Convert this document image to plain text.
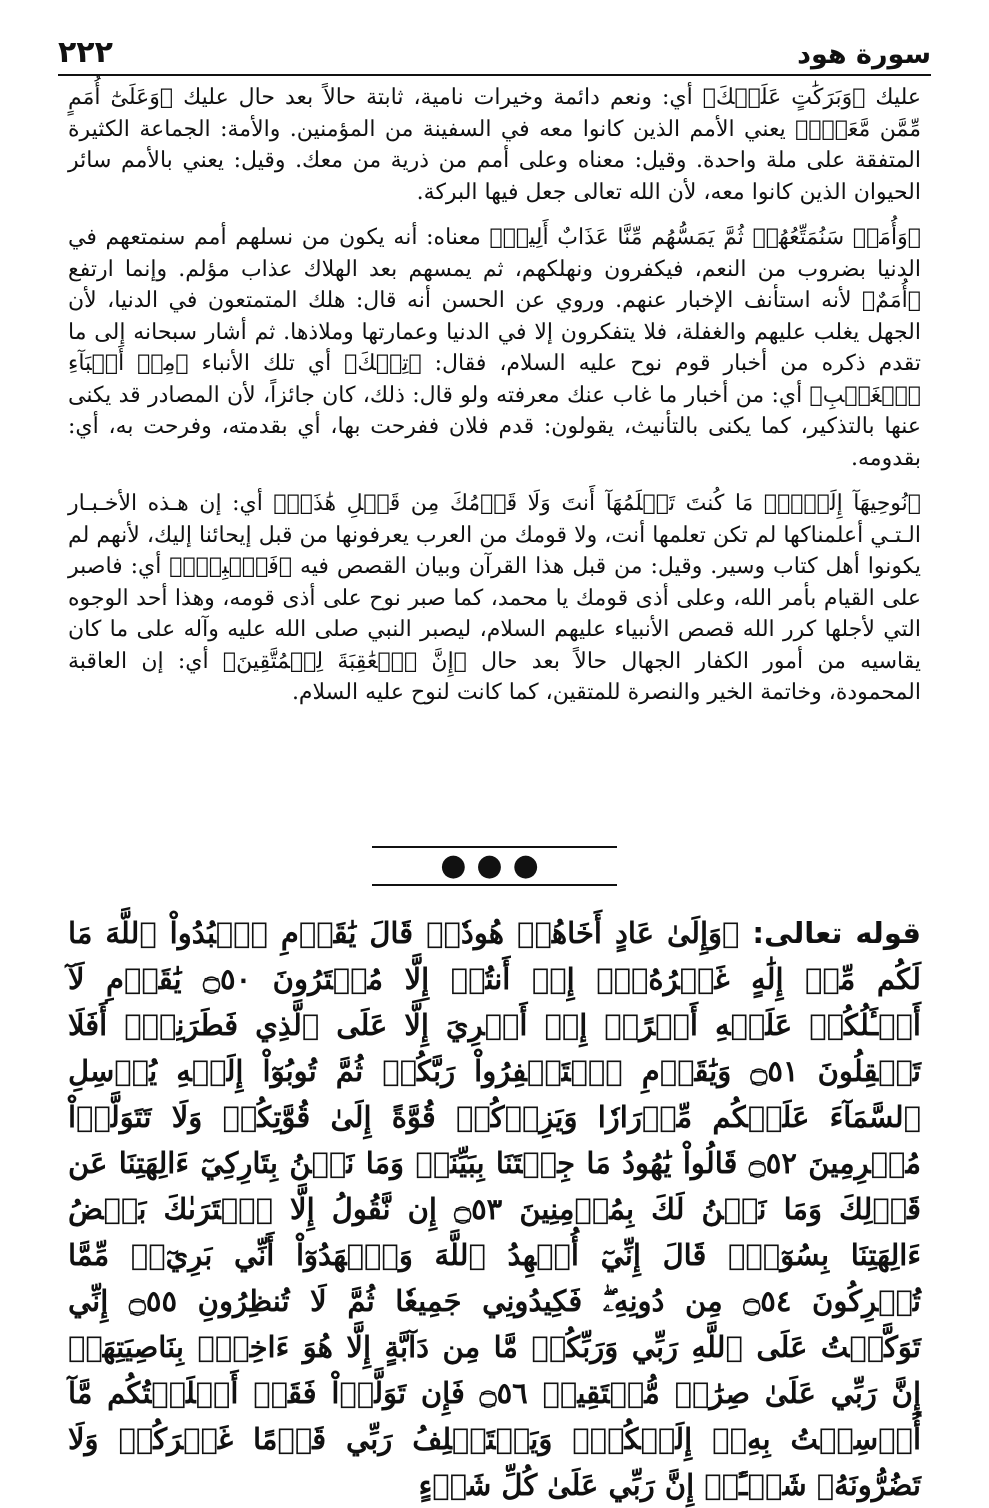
٢٢٢	سورة هود

عليك ﴿وَبَرَكَٰتٍ عَلَيۡكَ﴾ أي: ونعم دائمة وخيرات نامية، ثابتة حالاً بعد حال عليك ﴿وَعَلَىٰٓ أُمَمٍ مِّمَّن مَّعَكَۚ﴾ يعني الأمم الذين كانوا معه في السفينة من المؤمنين. والأمة: الجماعة الكثيرة المتفقة على ملة واحدة. وقيل: معناه وعلى أمم من ذرية من معك. وقيل: يعني بالأمم سائر الحيوان الذين كانوا معه، لأن الله تعالى جعل فيها البركة.

﴿وَأُمَمٞ سَنُمَتِّعُهُمۡ ثُمَّ يَمَسُّهُم مِّنَّا عَذَابٌ أَلِيمٞ﴾ معناه: أنه يكون من نسلهم أمم سنمتعهم في الدنيا بضروب من النعم، فيكفرون ونهلكهم، ثم يمسهم بعد الهلاك عذاب مؤلم. وإنما ارتفع ﴿أُمَمٌ﴾ لأنه استأنف الإخبار عنهم. وروي عن الحسن أنه قال: هلك المتمتعون في الدنيا، لأن الجهل يغلب عليهم والغفلة، فلا يتفكرون إلا في الدنيا وعمارتها وملاذها. ثم أشار سبحانه إلى ما تقدم ذكره من أخبار قوم نوح عليه السلام، فقال: ﴿تِلۡكَ﴾ أي تلك الأنباء ﴿مِنۡ أَنۢبَآءِ ٱلۡغَيۡبِ﴾ أي: من أخبار ما غاب عنك معرفته ولو قال: ذلك، كان جائزاً، لأن المصادر قد يكنى عنها بالتذكير، كما يكنى بالتأنيث، يقولون: قدم فلان ففرحت بها، أي بقدمته، وفرحت به، أي: بقدومه.

﴿نُوحِيهَآ إِلَيۡكَۖ مَا كُنتَ تَعۡلَمُهَآ أَنتَ وَلَا قَوۡمُكَ مِن قَبۡلِ هَٰذَاۖ﴾ أي: إن هـذه الأخـبـار الـتـي أعلمناكها لم تكن تعلمها أنت، ولا قومك من العرب يعرفونها من قبل إيحائنا إليك، لأنهم لم يكونوا أهل كتاب وسير. وقيل: من قبل هذا القرآن وبيان القصص فيه ﴿فَٱصۡبِرۡۖ﴾ أي: فاصبر على القيام بأمر الله، وعلى أذى قومك يا محمد، كما صبر نوح على أذى قومه، وهذا أحد الوجوه التي لأجلها كرر الله قصص الأنبياء عليهم السلام، ليصبر النبي صلى الله عليه وآله على ما كان يقاسيه من أمور الكفار الجهال حالاً بعد حال ﴿إِنَّ ٱلۡعَٰقِبَةَ لِلۡمُتَّقِينَ﴾ أي: إن العاقبة المحمودة، وخاتمة الخير والنصرة للمتقين، كما كانت لنوح عليه السلام.

●●●
قوله تعالى: ﴿وَإِلَىٰ عَادٍ أَخَاهُمۡ هُودٗاۚ قَالَ يَٰقَوۡمِ ٱعۡبُدُواْ ٱللَّهَ مَا لَكُم مِّنۡ إِلَٰهٍ غَيۡرُهُۥٓۖ إِنۡ أَنتُمۡ إِلَّا مُفۡتَرُونَ ۝٥٠ يَٰقَوۡمِ لَآ أَسۡـَٔلُكُمۡ عَلَيۡهِ أَجۡرًاۖ إِنۡ أَجۡرِيَ إِلَّا عَلَى ٱلَّذِي فَطَرَنِيٓۚ أَفَلَا تَعۡقِلُونَ ۝٥١ وَيَٰقَوۡمِ ٱسۡتَغۡفِرُواْ رَبَّكُمۡ ثُمَّ تُوبُوٓاْ إِلَيۡهِ يُرۡسِلِ ٱلسَّمَآءَ عَلَيۡكُم مِّدۡرَارٗا وَيَزِدۡكُمۡ قُوَّةً إِلَىٰ قُوَّتِكُمۡ وَلَا تَتَوَلَّوۡاْ مُجۡرِمِينَ ۝٥٢ قَالُواْ يَٰهُودُ مَا جِئۡتَنَا بِبَيِّنَةٖ وَمَا نَحۡنُ بِتَارِكِيٓ ءَالِهَتِنَا عَن قَوۡلِكَ وَمَا نَحۡنُ لَكَ بِمُؤۡمِنِينَ ۝٥٣ إِن نَّقُولُ إِلَّا ٱعۡتَرَىٰكَ بَعۡضُ ءَالِهَتِنَا بِسُوٓءٖۗ قَالَ إِنِّيٓ أُشۡهِدُ ٱللَّهَ وَٱشۡهَدُوٓاْ أَنِّي بَرِيٓءٞ مِّمَّا تُشۡرِكُونَ ۝٥٤ مِن دُونِهِۦۖ فَكِيدُونِي جَمِيعٗا ثُمَّ لَا تُنظِرُونِ ۝٥٥ إِنِّي تَوَكَّلۡتُ عَلَى ٱللَّهِ رَبِّي وَرَبِّكُمۚ مَّا مِن دَآبَّةٍ إِلَّا هُوَ ءَاخِذُۢ بِنَاصِيَتِهَآۚ إِنَّ رَبِّي عَلَىٰ صِرَٰطٖ مُّسۡتَقِيمٖ ۝٥٦ فَإِن تَوَلَّوۡاْ فَقَدۡ أَبۡلَغۡتُكُم مَّآ أُرۡسِلۡتُ بِهِۦٓ إِلَيۡكُمۡۚ وَيَسۡتَخۡلِفُ رَبِّي قَوۡمًا غَيۡرَكُمۡ وَلَا تَضُرُّونَهُۥ شَيۡـًٔاۚ إِنَّ رَبِّي عَلَىٰ كُلِّ شَيۡءٍ
